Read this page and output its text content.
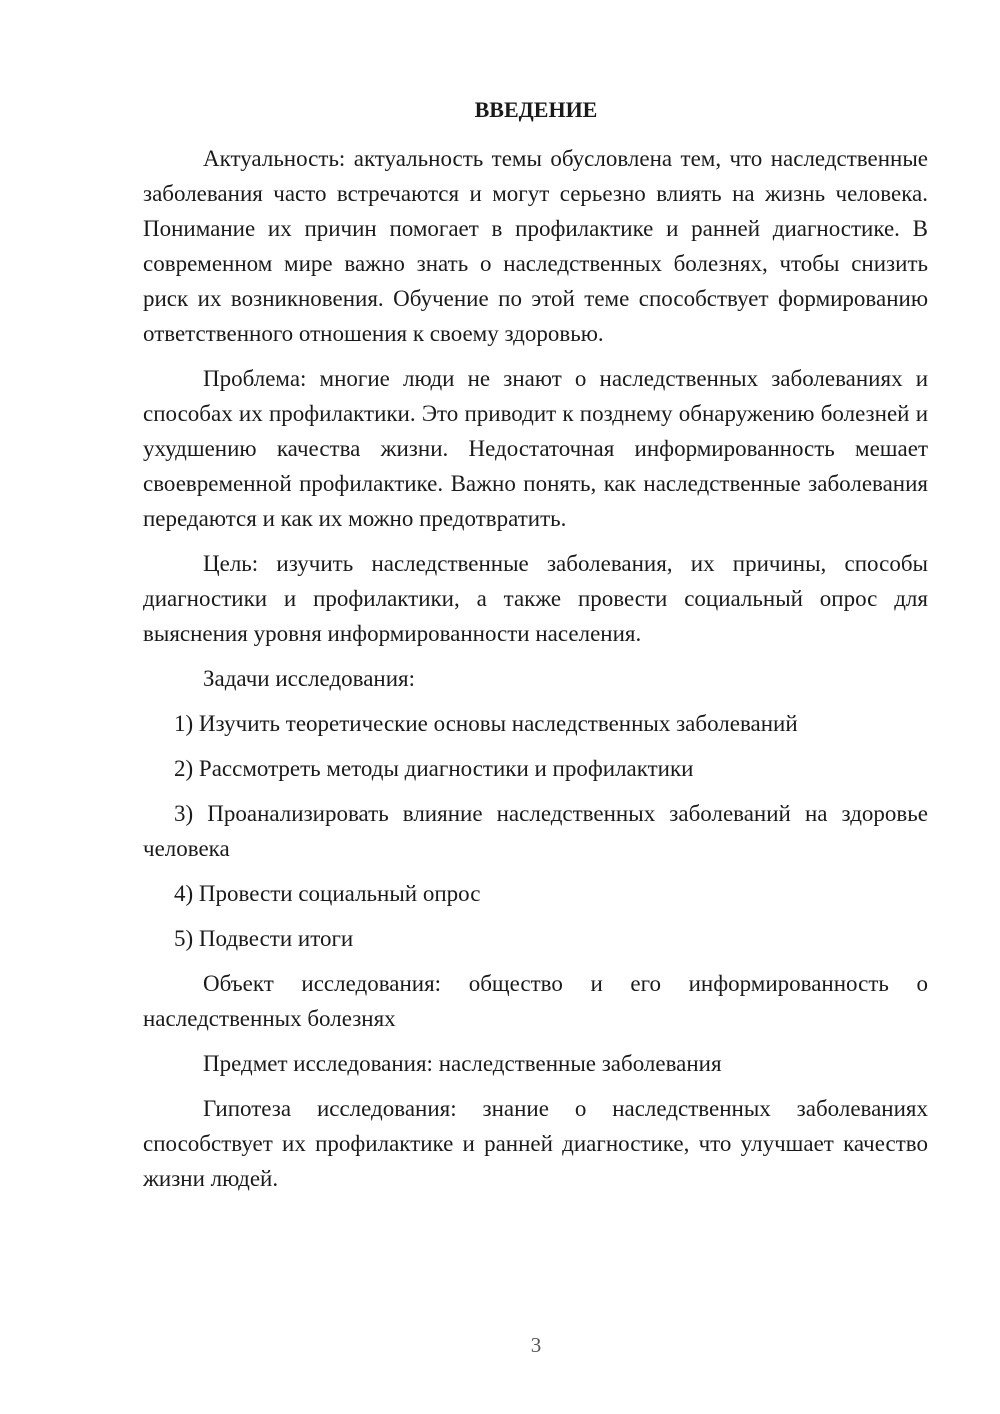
ВВЕДЕНИЕ

Актуальность: актуальность темы обусловлена тем, что наследственные заболевания часто встречаются и могут серьезно влиять на жизнь человека. Понимание их причин помогает в профилактике и ранней диагностике. В современном мире важно знать о наследственных болезнях, чтобы снизить риск их возникновения. Обучение по этой теме способствует формированию ответственного отношения к своему здоровью.

Проблема: многие люди не знают о наследственных заболеваниях и способах их профилактики. Это приводит к позднему обнаружению болезней и ухудшению качества жизни. Недостаточная информированность мешает своевременной профилактике. Важно понять, как наследственные заболевания передаются и как их можно предотвратить.

Цель: изучить наследственные заболевания, их причины, способы диагностики и профилактики, а также провести социальный опрос для выяснения уровня информированности населения.

Задачи исследования:

1) Изучить теоретические основы наследственных заболеваний

2) Рассмотреть методы диагностики и профилактики

3) Проанализировать влияние наследственных заболеваний на здоровье человека

4) Провести социальный опрос

5) Подвести итоги

Объект исследования: общество и его информированность о наследственных болезнях

Предмет исследования: наследственные заболевания

Гипотеза исследования: знание о наследственных заболеваниях способствует их профилактике и ранней диагностике, что улучшает качество жизни людей.

3
